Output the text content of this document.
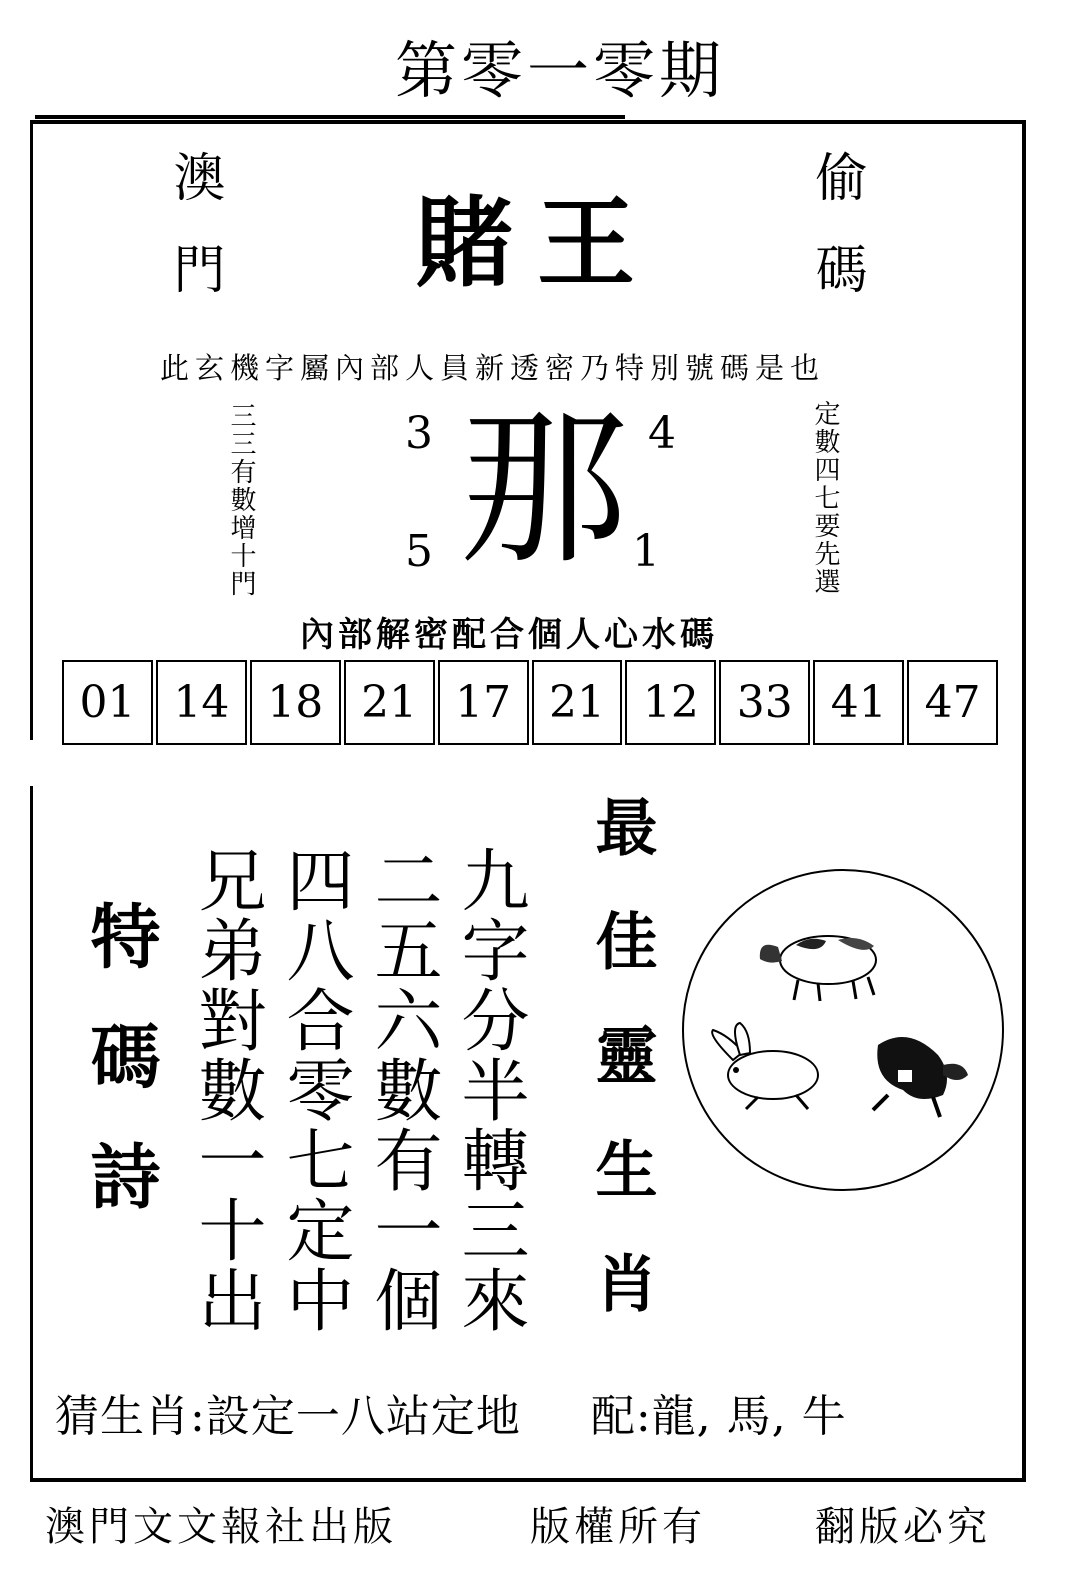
第零一零期
澳門	偷碼
賭王
此玄機字屬內部人員新透密乃特別號碼是也
三三有數增十門	定數四七要先選
3	4
5	1
那
內部解密配合個人心水碼
01 14 18 21 17 21 12 33 41 47
特碼詩	九字分半轉三來
二五六數有一個
四八合零七定中
兄弟對數一十出	最佳靈生肖
猜生肖:設定一八站定地 配:龍, 馬, 牛
澳門文文報社出版	版權所有	翻版必究
